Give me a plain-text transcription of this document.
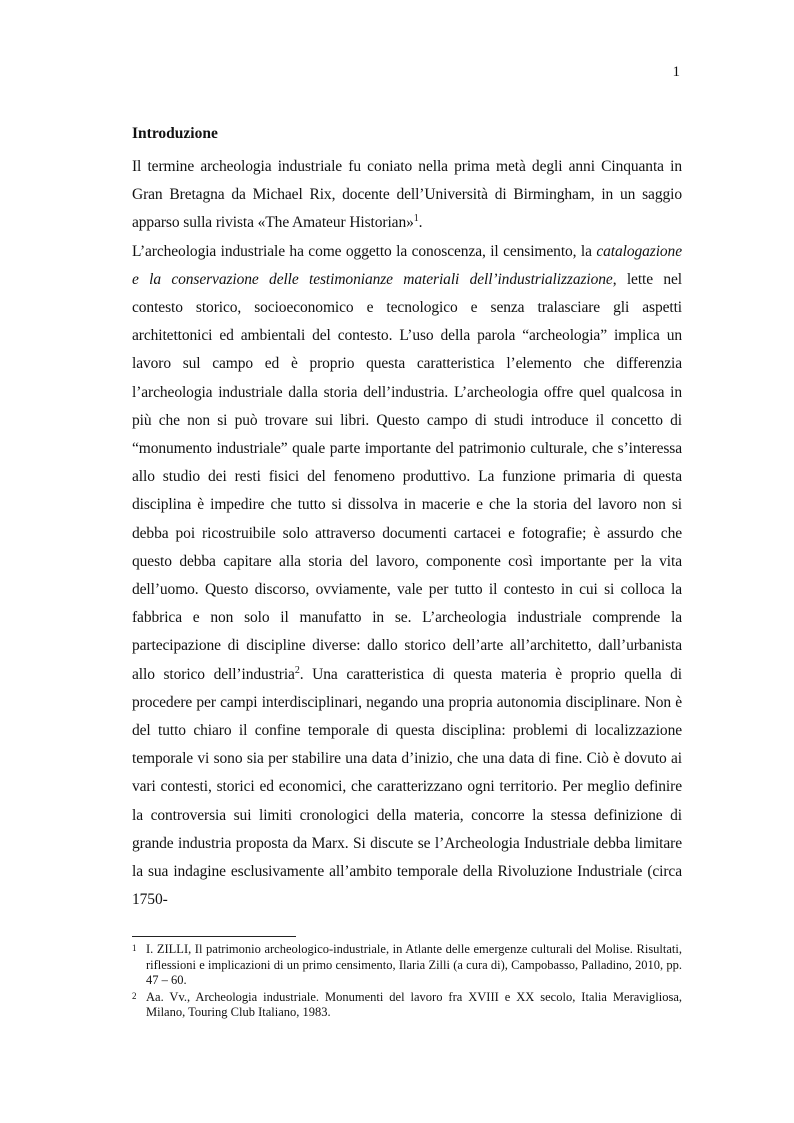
1
Introduzione

Il termine archeologia industriale fu coniato nella prima metà degli anni Cinquanta in Gran Bretagna da Michael Rix, docente dell’Università di Birmingham, in un saggio apparso sulla rivista «The Amateur Historian»$^1$.

L’archeologia industriale ha come oggetto la conoscenza, il censimento, la catalogazione e la conservazione delle testimonianze materiali dell’industrializzazione, lette nel contesto storico, socioeconomico e tecnologico e senza tralasciare gli aspetti architettonici ed ambientali del contesto. L’uso della parola “archeologia” implica un lavoro sul campo ed è proprio questa caratteristica l’elemento che differenzia l’archeologia industriale dalla storia dell’industria. L’archeologia offre quel qualcosa in più che non si può trovare sui libri. Questo campo di studi introduce il concetto di “monumento industriale” quale parte importante del patrimonio culturale, che s’interessa allo studio dei resti fisici del fenomeno produttivo. La funzione primaria di questa disciplina è impedire che tutto si dissolva in macerie e che la storia del lavoro non si debba poi ricostruibile solo attraverso documenti cartacei e fotografie; è assurdo che questo debba capitare alla storia del lavoro, componente così importante per la vita dell’uomo. Questo discorso, ovviamente, vale per tutto il contesto in cui si colloca la fabbrica e non solo il manufatto in se. L’archeologia industriale comprende la partecipazione di discipline diverse: dallo storico dell’arte all’architetto, dall’urbanista allo storico dell’industria$^2$. Una caratteristica di questa materia è proprio quella di procedere per campi interdisciplinari, negando una propria autonomia disciplinare. Non è del tutto chiaro il confine temporale di questa disciplina: problemi di localizzazione temporale vi sono sia per stabilire una data d’inizio, che una data di fine. Ciò è dovuto ai vari contesti, storici ed economici, che caratterizzano ogni territorio. Per meglio definire la controversia sui limiti cronologici della materia, concorre la stessa definizione di grande industria proposta da Marx. Si discute se l’Archeologia Industriale debba limitare la sua indagine esclusivamente all’ambito temporale della Rivoluzione Industriale (circa 1750-

1 I. ZILLI, Il patrimonio archeologico-industriale, in Atlante delle emergenze culturali del Molise. Risultati, riflessioni e implicazioni di un primo censimento, Ilaria Zilli (a cura di), Campobasso, Palladino, 2010, pp. 47 – 60.
2 Aa. Vv., Archeologia industriale. Monumenti del lavoro fra XVIII e XX secolo, Italia Meravigliosa, Milano, Touring Club Italiano, 1983.
